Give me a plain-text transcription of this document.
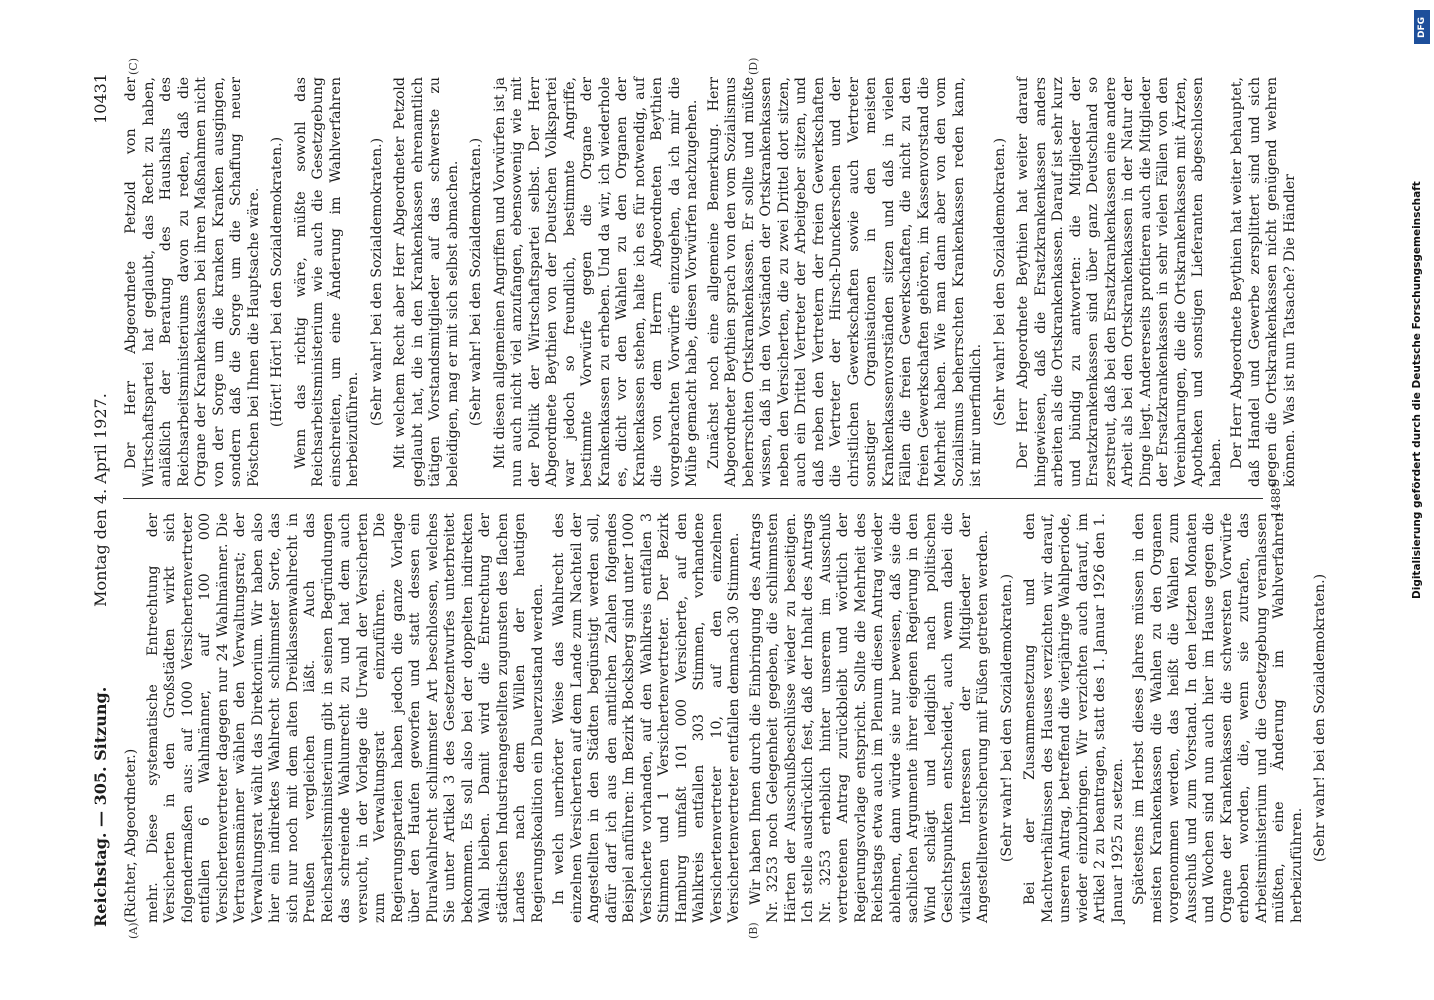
Reichstag. — 305. Sitzung.
Montag den 4. April 1927.
10431
(A)	(B)
(C)	(D)

(Richter, Abgeordneter.) mehr. Diese systematische Entrechtung der Versicherten in den Großstädten wirkt sich folgendermaßen aus: auf 1000 Versichertenvertreter entfallen 6 Wahlmänner, auf 100 000 Versichertenvertreter dagegen nur 24 Wahlmänner. Die Vertrauensmänner wählen den Verwaltungsrat; der Verwaltungsrat wählt das Direktorium. Wir haben also hier ein indirektes Wahlrecht schlimmster Sorte, das sich nur noch mit dem alten Dreiklassenwahlrecht in Preußen vergleichen läßt. Auch das Reichsarbeitsministerium gibt in seinen Begründungen das schreiende Wahlunrecht zu und hat dem auch versucht, in der Vorlage die Urwahl der Versicherten zum Verwaltungsrat einzuführen. Die Regierungsparteien haben jedoch die ganze Vorlage über den Haufen geworfen und statt dessen ein Pluralwahlrecht schlimmster Art beschlossen, welches Sie unter Artikel 3 des Gesetzentwurfes unterbreitet bekommen. Es soll also bei der doppelten indirekten Wahl bleiben. Damit wird die Entrechtung der städtischen Industrieangestellten zugunsten des flachen Landes nach dem Willen der heutigen Regierungskoalition ein Dauerzustand werden. In welch unerhörter Weise das Wahlrecht des einzelnen Versicherten auf dem Lande zum Nachteil der Angestellten in den Städten begünstigt werden soll, dafür darf ich aus den amtlichen Zahlen folgendes Beispiel anführen: Im Bezirk Bocksberg sind unter 1000 Versicherte vorhanden, auf den Wahlkreis entfallen 3 Stimmen und 1 Versichertenvertreter. Der Bezirk Hamburg umfaßt 101 000 Versicherte, auf den Wahlkreis entfallen 303 Stimmen, vorhandene Versichertenvertreter 10, auf den einzelnen Versichertenvertreter entfallen demnach 30 Stimmen. Wir haben Ihnen durch die Einbringung des Antrags Nr. 3253 noch Gelegenheit gegeben, die schlimmsten Härten der Ausschußbeschlüsse wieder zu beseitigen. Ich stelle ausdrücklich fest, daß der Inhalt des Antrags Nr. 3253 erheblich hinter unserem im Ausschuß vertretenen Antrag zurückbleibt und wörtlich der Regierungsvorlage entspricht. Sollte die Mehrheit des Reichstags etwa auch im Plenum diesen Antrag wieder ablehnen, dann würde sie nur beweisen, daß sie die sachlichen Argumente ihrer eigenen Regierung in den Wind schlägt und lediglich nach politischen Gesichtspunkten entscheidet, auch wenn dabei die vitalsten Interessen der Mitglieder der Angestelltenversicherung mit Füßen getreten werden. (Sehr wahr! bei den Sozialdemokraten.) Bei der Zusammensetzung und den Machtverhältnissen des Hauses verzichten wir darauf, unseren Antrag, betreffend die vierjährige Wahlperiode, wieder einzubringen. Wir verzichten auch darauf, im Artikel 2 zu beantragen, statt des 1. Januar 1926 den 1. Januar 1925 zu setzen. Spätestens im Herbst dieses Jahres müssen in den meisten Krankenkassen die Wahlen zu den Organen vorgenommen werden, das heißt die Wahlen zum Ausschuß und zum Vorstand. In den letzten Monaten und Wochen sind nun auch hier im Hause gegen die Organe der Krankenkassen die schwersten Vorwürfe erhoben worden, die, wenn sie zutrafen, das Arbeitsministerium und die Gesetzgebung veranlassen müßten, eine Änderung im Wahlverfahren herbeizuführen.

(Sehr wahr! bei den Sozialdemokraten.)

Der Herr Abgeordnete Petzold von der Wirtschaftspartei hat geglaubt, das Recht zu haben, anläßlich der Beratung des Haushalts des Reichsarbeitsministeriums davon zu reden, daß die Organe der Krankenkassen bei ihren Maßnahmen nicht von der Sorge um die kranken Kranken ausgingen, sondern daß die Sorge um die Schaffung neuer Pöstchen bei Ihnen die Hauptsache wäre. (Hört! Hört! bei den Sozialdemokraten.) Wenn das richtig wäre, müßte sowohl das Reichsarbeitsministerium wie auch die Gesetzgebung einschreiten, um eine Änderung im Wahlverfahren herbeizuführen.

(Sehr wahr! bei den Sozialdemokraten.) Mit welchem Recht aber Herr Abgeordneter Petzold geglaubt hat, die in den Krankenkassen ehrenamtlich tätigen Vorstandsmitglieder auf das schwerste zu beleidigen, mag er mit sich selbst abmachen. (Sehr wahr! bei den Sozialdemokraten.) Mit diesen allgemeinen Angriffen und Vorwürfen ist ja nun auch nicht viel anzufangen, ebensowenig wie mit der Politik der Wirtschaftspartei selbst. Der Herr Abgeordnete Beythien von der Deutschen Volkspartei war jedoch so freundlich, bestimmte Angriffe, bestimmte Vorwürfe gegen die Organe der Krankenkassen zu erheben. Und da wir, ich wiederhole es, dicht vor den Wahlen zu den Organen der Krankenkassen stehen, halte ich es für notwendig, auf die von dem Herrn Abgeordneten Beythien vorgebrachten Vorwürfe einzugehen, da ich mir die Mühe gemacht habe, diesen Vorwürfen nachzugehen. Zunächst noch eine allgemeine Bemerkung. Herr Abgeordneter Beythien sprach von den vom Sozialismus beherrschten Ortskrankenkassen. Er sollte und müßte wissen, daß in den Vorständen der Ortskrankenkassen neben den Versicherten, die zu zwei Drittel dort sitzen, auch ein Drittel Vertreter der Arbeitgeber sitzen, und daß neben den Vertretern der freien Gewerkschaften die Vertreter der Hirsch-Dunckerschen und der christlichen Gewerkschaften sowie auch Vertreter sonstiger Organisationen in den meisten Krankenkassenvorständen sitzen und daß in vielen Fällen die freien Gewerkschaften, die nicht zu den freien Gewerkschaften gehören, im Kassenvorstand die Mehrheit haben. Wie man dann aber von den vom Sozialismus beherrschten Krankenkassen reden kann, ist mir unerfindlich. (Sehr wahr! bei den Sozialdemokraten.) Der Herr Abgeordnete Beythien hat weiter darauf hingewiesen, daß die Ersatzkrankenkassen anders arbeiten als die Ortskrankenkassen. Darauf ist sehr kurz und bündig zu antworten: die Mitglieder der Ersatzkrankenkassen sind über ganz Deutschland so zerstreut, daß bei den Ersatzkrankenkassen eine andere Arbeit als bei den Ortskrankenkassen in der Natur der Dinge liegt. Andererseits profitieren auch die Mitglieder der Ersatzkrankenkassen in sehr vielen Fällen von den Vereinbarungen, die die Ortskrankenkassen mit Ärzten, Apotheken und sonstigen Lieferanten abgeschlossen haben. Der Herr Abgeordnete Beythien hat weiter behauptet, daß Handel und Gewerbe zersplittert sind und sich gegen die Ortskrankenkassen nicht genügend wehren können. Was ist nun Tatsache? Die Händler

1488*
DFG
Digitalisierung gefördert durch die Deutsche Forschungsgemeinschaft
